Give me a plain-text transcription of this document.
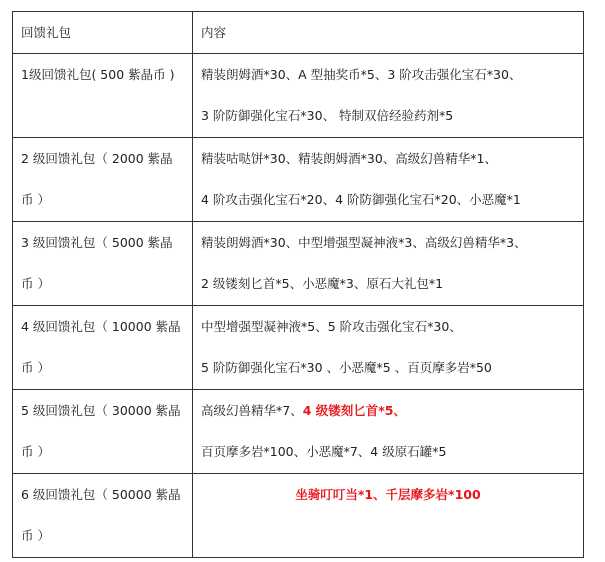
回馈礼包	内容

1级回馈礼包( 500 紫晶币 )	精装朗姆酒*30、A 型抽奖币*5、3 阶攻击强化宝石*30、
3 阶防御强化宝石*30、 特制双倍经验药剂*5

2 级回馈礼包（ 2000 紫晶
币 ）	精装咕哒饼*30、精装朗姆酒*30、高级幻兽精华*1、
4 阶攻击强化宝石*20、4 阶防御强化宝石*20、小恶魔*1

3 级回馈礼包（ 5000 紫晶
币 ）	精装朗姆酒*30、中型增强型凝神液*3、高级幻兽精华*3、
2 级镂刻匕首*5、小恶魔*3、原石大礼包*1

4 级回馈礼包（ 10000 紫晶
币 ）	中型增强型凝神液*5、5 阶攻击强化宝石*30、
5 阶防御强化宝石*30 、小恶魔*5 、百页摩多岩*50

5 级回馈礼包（ 30000 紫晶
币 ）	高级幻兽精华*7、4 级镂刻匕首*5、
百页摩多岩*100、小恶魔*7、4 级原石罐*5

6 级回馈礼包（ 50000 紫晶
币 ）	坐骑叮叮当*1、千层摩多岩*100
